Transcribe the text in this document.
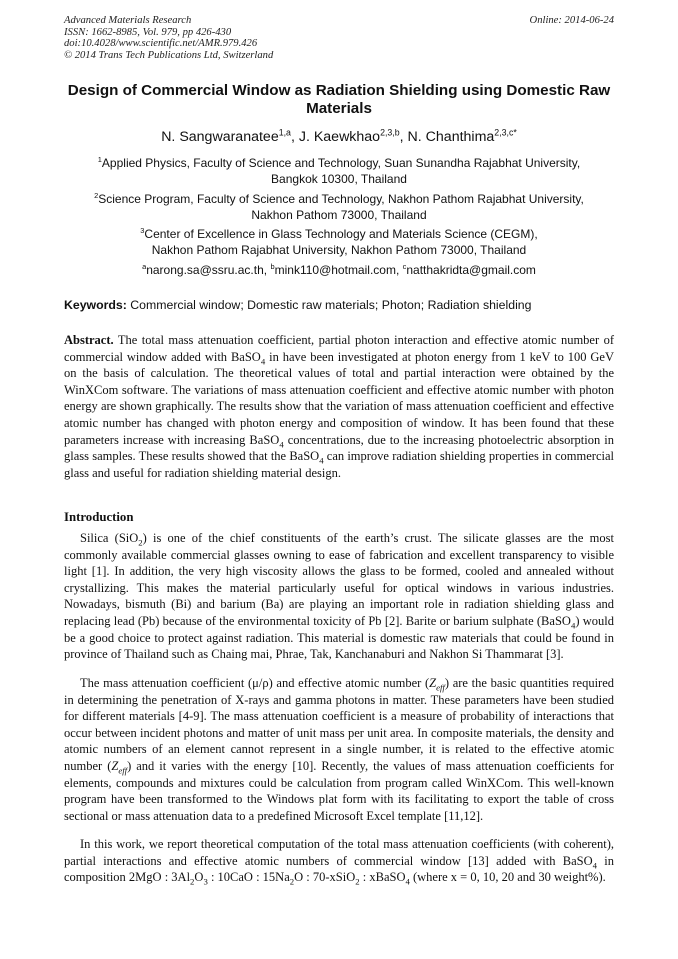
Advanced Materials Research
ISSN: 1662-8985, Vol. 979, pp 426-430
doi:10.4028/www.scientific.net/AMR.979.426
© 2014 Trans Tech Publications Ltd, Switzerland
Online: 2014-06-24
Design of Commercial Window as Radiation Shielding using Domestic Raw Materials
N. Sangwaranatee$^{1,a}$, J. Kaewkhao$^{2,3,b}$, N. Chanthima$^{2,3,c*}$
$^1$Applied Physics, Faculty of Science and Technology, Suan Sunandha Rajabhat University,
Bangkok 10300, Thailand
$^2$Science Program, Faculty of Science and Technology, Nakhon Pathom Rajabhat University,
Nakhon Pathom 73000, Thailand
$^3$Center of Excellence in Glass Technology and Materials Science (CEGM),
Nakhon Pathom Rajabhat University, Nakhon Pathom 73000, Thailand
$^a$narong.sa@ssru.ac.th, $^b$mink110@hotmail.com, $^c$natthakridta@gmail.com
Keywords: Commercial window; Domestic raw materials; Photon; Radiation shielding
Abstract. The total mass attenuation coefficient, partial photon interaction and effective atomic number of commercial window added with BaSO$_4$ in have been investigated at photon energy from 1 keV to 100 GeV on the basis of calculation. The theoretical values of total and partial interaction were obtained by the WinXCom software. The variations of mass attenuation coefficient and effective atomic number with photon energy are shown graphically. The results show that the variation of mass attenuation coefficient and effective atomic number has changed with photon energy and composition of window. It has been found that these parameters increase with increasing BaSO$_4$ concentrations, due to the increasing photoelectric absorption in glass samples. These results showed that the BaSO$_4$ can improve radiation shielding properties in commercial glass and useful for radiation shielding material design.
Introduction
Silica (SiO$_2$) is one of the chief constituents of the earth’s crust. The silicate glasses are the most commonly available commercial glasses owning to ease of fabrication and excellent transparency to visible light [1]. In addition, the very high viscosity allows the glass to be formed, cooled and annealed without crystallizing. This makes the material particularly useful for optical windows in various industries. Nowadays, bismuth (Bi) and barium (Ba) are playing an important role in radiation shielding glass and replacing lead (Pb) because of the environmental toxicity of Pb [2]. Barite or barium sulphate (BaSO$_4$) would be a good choice to protect against radiation. This material is domestic raw materials that could be found in province of Thailand such as Chaing mai, Phrae, Tak, Kanchanaburi and Nakhon Si Thammarat [3].
The mass attenuation coefficient (μ/ρ) and effective atomic number $(Z_{eff})$ are the basic quantities required in determining the penetration of X-rays and gamma photons in matter. These parameters have been studied for different materials [4-9]. The mass attenuation coefficient is a measure of probability of interactions that occur between incident photons and matter of unit mass per unit area. In composite materials, the density and atomic numbers of an element cannot represent in a single number, it is related to the effective atomic number $(Z_{eff})$ and it varies with the energy [10]. Recently, the values of mass attenuation coefficients for elements, compounds and mixtures could be calculation from program called WinXCom. This well-known program have been transformed to the Windows plat form with its facilitating to export the table of cross sectional or mass attenuation data to a predefined Microsoft Excel template [11,12].
In this work, we report theoretical computation of the total mass attenuation coefficients (with coherent), partial interactions and effective atomic numbers of commercial window [13] added with BaSO$_4$ in composition 2MgO : $3Al_2O_3$ : 10CaO : $15Na_2O$ : 70-xSiO$_2$ : xBaSO$_4$ (where x = 0, 10, 20 and 30 weight%).
